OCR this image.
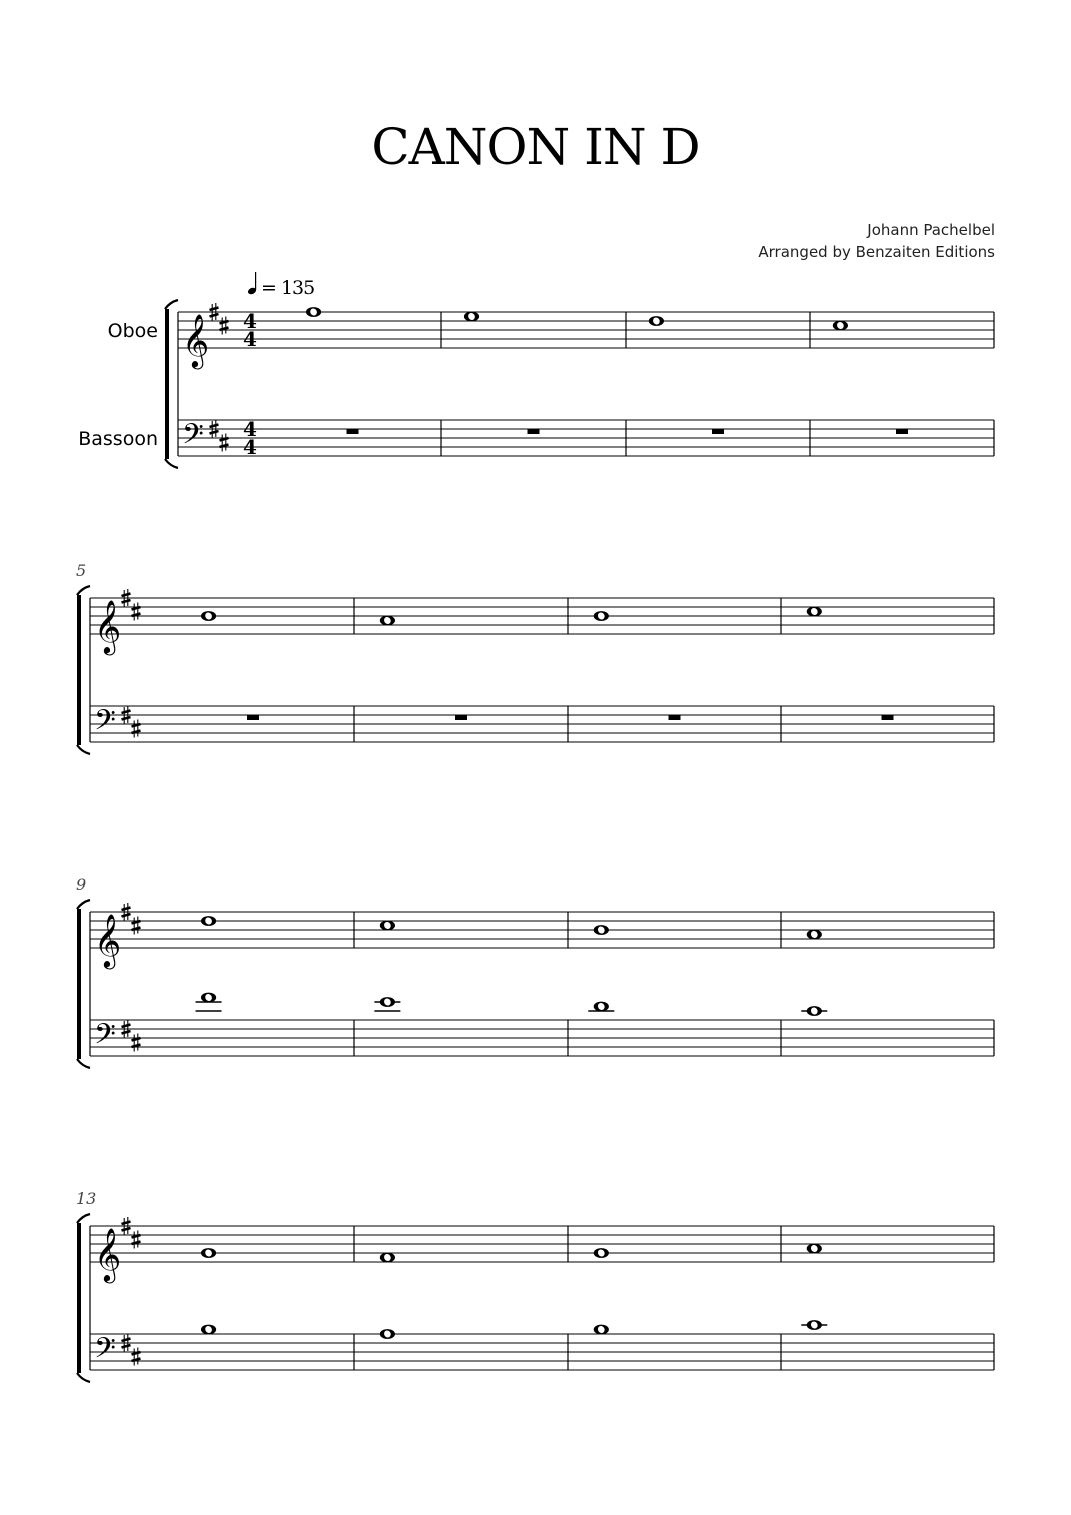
CANON IN D
Johann Pachelbel
Arranged by Benzaiten Editions
𝄞
𝄢
4
4
4
4
Oboe
Bassoon
= 135
𝄞
𝄢
5
𝄞
𝄢
9
𝄞
𝄢
13
